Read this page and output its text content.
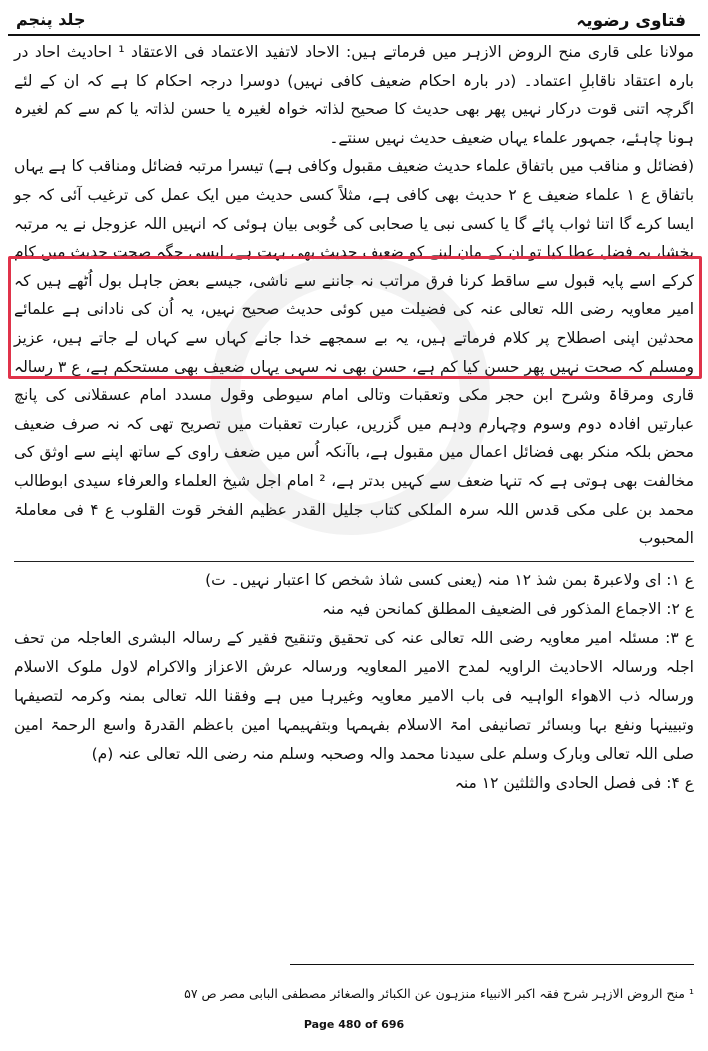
فتاوی رضویہ
جلد پنجم

مولانا علی قاری منح الروض الازہر میں فرماتے ہیں: الاحاد لاتفید الاعتماد فی الاعتقاد ¹ احادیث احاد در بارہ اعتقاد ناقابلِ اعتماد۔ (در بارہ احکام ضعیف کافی نہیں) دوسرا درجہ احکام کا ہے کہ ان کے لئے اگرچہ اتنی قوت درکار نہیں پھر بھی حدیث کا صحیح لذاتہ خواہ لغیرہ یا حسن لذاتہ یا کم سے کم لغیرہ ہونا چاہئے، جمہور علماء یہاں ضعیف حدیث نہیں سنتے۔

(فضائل و مناقب میں باتفاق علماء حدیث ضعیف مقبول وکافی ہے) تیسرا مرتبہ فضائل ومناقب کا ہے یہاں باتفاق ع ۱ علماء ضعیف ع ۲ حدیث بھی کافی ہے، مثلاً کسی حدیث میں ایک عمل کی ترغیب آئی کہ جو ایسا کرے گا اتنا ثواب پائے گا یا کسی نبی یا صحابی کی خُوبی بیان ہوئی کہ انہیں اللہ عزوجل نے یہ مرتبہ بخشا، یہ فضل عطا کیا تو ان کے مان لینے کو ضعیف حدیث بھی بہت ہے، ایسی جگہ صحت حدیث میں کام کرکے اسے پایہ قبول سے ساقط کرنا فرق مراتب نہ جاننے سے ناشی، جیسے بعض جاہل بول اُٹھے ہیں کہ امیر معاویہ رضی اللہ تعالی عنہ کی فضیلت میں کوئی حدیث صحیح نہیں، یہ اُن کی نادانی ہے علمائے محدثین اپنی اصطلاح پر کلام فرماتے ہیں، یہ بے سمجھے خدا جانے کہاں سے کہاں لے جاتے ہیں، عزیز ومسلم کہ صحت نہیں پھر حسن کیا کم ہے، حسن بھی نہ سہی یہاں ضعیف بھی مستحکم ہے، ع ۳ رسالہ قاری ومرقاۃ وشرح ابن حجر مکی وتعقبات وتالی امام سیوطی وقول مسدد امام عسقلانی کی پانچ عبارتیں افادہ دوم وسوم وچہارم ودہم میں گزریں، عبارت تعقبات میں تصریح تھی کہ نہ صرف ضعیف محض بلکہ منکر بھی فضائل اعمال میں مقبول ہے، باآنکہ اُس میں ضعف راوی کے ساتھ اپنے سے اوثق کی مخالفت بھی ہوتی ہے کہ تنہا ضعف سے کہیں بدتر ہے، ² امام اجل شیخ العلماء والعرفاء سیدی ابوطالب محمد بن علی مکی قدس اللہ سرہ الملکی کتاب جلیل القدر عظیم الفخر قوت القلوب ع ۴ فی معاملۃ المحبوب

ع ۱: ای ولاعبرۃ بمن شذ ۱۲ منہ (یعنی کسی شاذ شخص کا اعتبار نہیں۔ ت)

ع ۲: الاجماع المذکور فی الضعیف المطلق کمانحن فیہ منہ

ع ۳: مسئلہ امیر معاویہ رضی اللہ تعالی عنہ کی تحقیق وتنقیح فقیر کے رسالہ البشری العاجلہ من تحف اجلہ ورسالہ الاحادیث الراویہ لمدح الامیر المعاویہ ورسالہ عرش الاعزاز والاکرام لاول ملوک الاسلام ورسالہ ذب الاھواء الواہیہ فی باب الامیر معاویہ وغیرہا میں ہے وفقنا اللہ تعالی بمنہ وکرمہ لتصیفہا وتبیینہا ونفع بہا وبسائر تصانیفی امۃ الاسلام بفہمہا وبتفہیمہا امین باعظم القدرۃ واسع الرحمۃ امین صلی اللہ تعالی وبارک وسلم علی سیدنا محمد والہ وصحبہ وسلم منہ رضی اللہ تعالی عنہ (م)

ع ۴: فی فصل الحادی والثلثین ۱۲ منہ

¹ منح الروض الازہر شرح فقہ اکبر الانبیاء منزہون عن الکبائر والصغائر مصطفی البابی مصر ص ۵۷
Page 480 of 696
